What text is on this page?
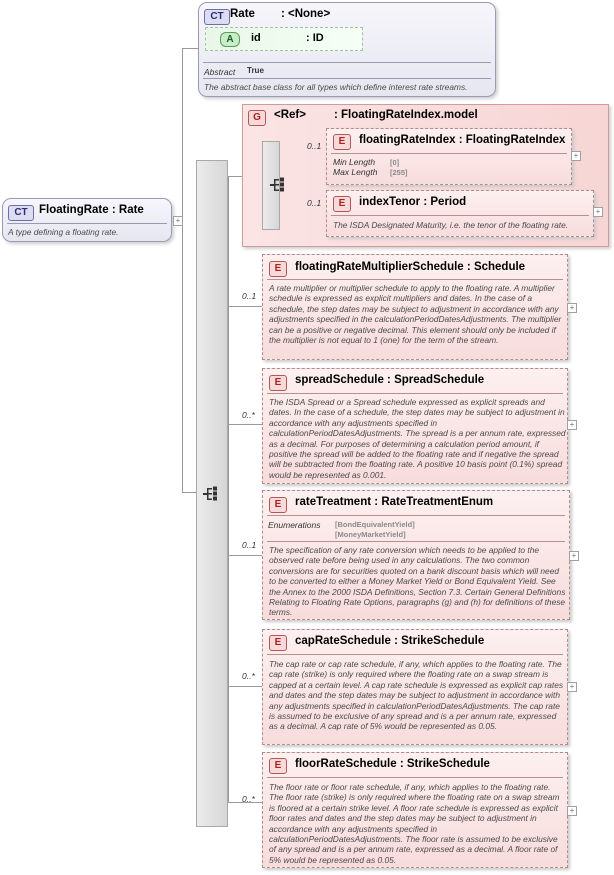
CT FloatingRate : Rate
A type defining a floating rate.
+
CT Rate : <None>
A	id	: ID
Abstract True
The abstract base class for all types which define interest rate streams.
G	<Ref> : FloatingRateIndex.model
0..1	E	floatingRateIndex : FloatingRateIndex
Min Length [0]
Max Length [255]
+
0..1	E	indexTenor : Period
The ISDA Designated Maturity, i.e. the tenor of the floating rate.
+
0..1
E	floatingRateMultiplierSchedule : Schedule
A rate multiplier or multiplier schedule to apply to the floating rate. A multiplier schedule is expressed as explicit multipliers and dates. In the case of a schedule, the step dates may be subject to adjustment in accordance with any adjustments specified in the calculationPeriodDatesAdjustments. The multiplier can be a positive or negative decimal. This element should only be included if the multiplier is not equal to 1 (one) for the term of the stream.
+
0..*
E	spreadSchedule : SpreadSchedule
The ISDA Spread or a Spread schedule expressed as explicit spreads and dates. In the case of a schedule, the step dates may be subject to adjustment in accordance with any adjustments specified in calculationPeriodDatesAdjustments. The spread is a per annum rate, expressed as a decimal. For purposes of determining a calculation period amount, if positive the spread will be added to the floating rate and if negative the spread will be subtracted from the floating rate. A positive 10 basis point (0.1%) spread would be represented as 0.001.
+
0..1
E	rateTreatment : RateTreatmentEnum
Enumerations [BondEquivalentYield]
[MoneyMarketYield]
The specification of any rate conversion which needs to be applied to the observed rate before being used in any calculations. The two common conversions are for securities quoted on a bank discount basis which will need to be converted to either a Money Market Yield or Bond Equivalent Yield. See the Annex to the 2000 ISDA Definitions, Section 7.3. Certain General Definitions Relating to Floating Rate Options, paragraphs (g) and (h) for definitions of these terms.
+
0..*
E	capRateSchedule : StrikeSchedule
The cap rate or cap rate schedule, if any, which applies to the floating rate. The cap rate (strike) is only required where the floating rate on a swap stream is capped at a certain level. A cap rate schedule is expressed as explicit cap rates and dates and the step dates may be subject to adjustment in accordance with any adjustments specified in calculationPeriodDatesAdjustments. The cap rate is assumed to be exclusive of any spread and is a per annum rate, expressed as a decimal. A cap rate of 5% would be represented as 0.05.
+
0..*
E	floorRateSchedule : StrikeSchedule
The floor rate or floor rate schedule, if any, which applies to the floating rate. The floor rate (strike) is only required where the floating rate on a swap stream is floored at a certain strike level. A floor rate schedule is expressed as explicit floor rates and dates and the step dates may be subject to adjustment in accordance with any adjustments specified in calculationPeriodDatesAdjustments. The floor rate is assumed to be exclusive of any spread and is a per annum rate, expressed as a decimal. A floor rate of 5% would be represented as 0.05.
+
